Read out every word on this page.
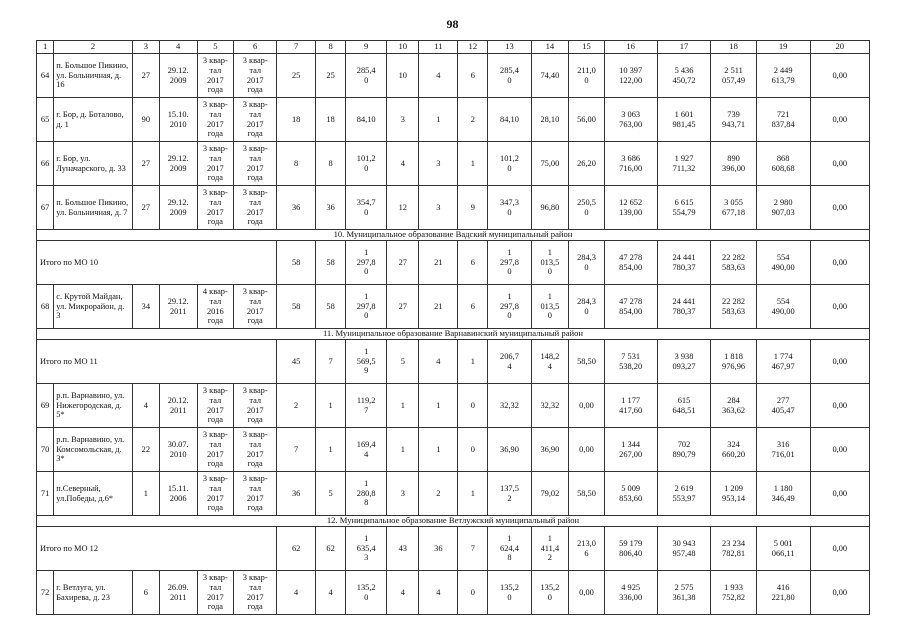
98
1	2	3	4	5	6	7	8	9	10	11	12	13	14	15	16	17	18	19	20
64	п. Большое Пикино, ул. Больничная, д. 16	27	29.12.
2009	3 квар-
тал
2017
года	3 квар-
тал
2017
года	25	25	285,4
0	10	4	6	285,4
0	74,40	211,0
0	10 397
122,00	5 436
450,72	2 511
057,49	2 449
613,79	0,00
65	г. Бор, д. Боталово, д. 1	90	15.10.
2010	3 квар-
тал
2017
года	3 квар-
тал
2017
года	18	18	84,10	3	1	2	84,10	28,10	56,00	3 063
763,00	1 601
981,45	739
943,71	721
837,84	0,00
66	г. Бор, ул. Луначарского, д. 33	27	29.12.
2009	3 квар-
тал
2017
года	3 квар-
тал
2017
года	8	8	101,2
0	4	3	1	101,2
0	75,00	26,20	3 686
716,00	1 927
711,32	890
396,00	868
608,68	0,00
67	п. Большое Пикино, ул. Больничная, д. 7	27	29.12.
2009	3 квар-
тал
2017
года	3 квар-
тал
2017
года	36	36	354,7
0	12	3	9	347,3
0	96,80	250,5
0	12 652
139,00	6 615
554,79	3 055
677,18	2 980
907,03	0,00
10. Муниципальное образование Вадский муниципальный район																			
Итого по МО 10						58	58	1
297,8
0	27	21	6	1
297,8
0	1
013,5
0	284,3
0	47 278
854,00	24 441
780,37	22 282
583,63	554
490,00	0,00
68	с. Крутой Майдан, ул. Микрорайон, д. 3	34	29.12.
2011	4 квар-
тал
2016
года	3 квар-
тал
2017
года	58	58	1
297,8
0	27	21	6	1
297,8
0	1
013,5
0	284,3
0	47 278
854,00	24 441
780,37	22 282
583,63	554
490,00	0,00
11. Муниципальное образование Варнавинский муниципальный район																			
Итого по МО 11						45	7	1
569,5
9	5	4	1	206,7
4	148,2
4	58,50	7 531
538,20	3 938
093,27	1 818
976,96	1 774
467,97	0,00
69	р.п. Варнавино, ул. Нижегородская, д. 5*	4	20.12.
2011	3 квар-
тал
2017
года	3 квар-
тал
2017
года	2	1	119,2
7	1	1	0	32,32	32,32	0,00	1 177
417,60	615
648,51	284
363,62	277
405,47	0,00
70	р.п. Варнавино, ул. Комсомольская, д. 3*	22	30.07.
2010	3 квар-
тал
2017
года	3 квар-
тал
2017
года	7	1	169,4
4	1	1	0	36,90	36,90	0,00	1 344
267,00	702
890,79	324
660,20	316
716,01	0,00
71	п.Северный, ул.Победы, д.6*	1	15.11.
2006	3 квар-
тал
2017
года	3 квар-
тал
2017
года	36	5	1
280,8
8	3	2	1	137,5
2	79,02	58,50	5 009
853,60	2 619
553,97	1 209
953,14	1 180
346,49	0,00
12. Муниципальное образование Ветлужский муниципальный район																			
Итого по МО 12						62	62	1
635,4
3	43	36	7	1
624,4
8	1
411,4
2	213,0
6	59 179
806,40	30 943
957,48	23 234
782,81	5 001
066,11	0,00
72	г. Ветлуга, ул. Бахирева, д. 23	6	26.09.
2011	3 квар-
тал
2017
года	3 квар-
тал
2017
года	4	4	135,2
0	4	4	0	135,2
0	135,2
0	0,00	4 925
336,00	2 575
361,38	1 933
752,82	416
221,80	0,00
